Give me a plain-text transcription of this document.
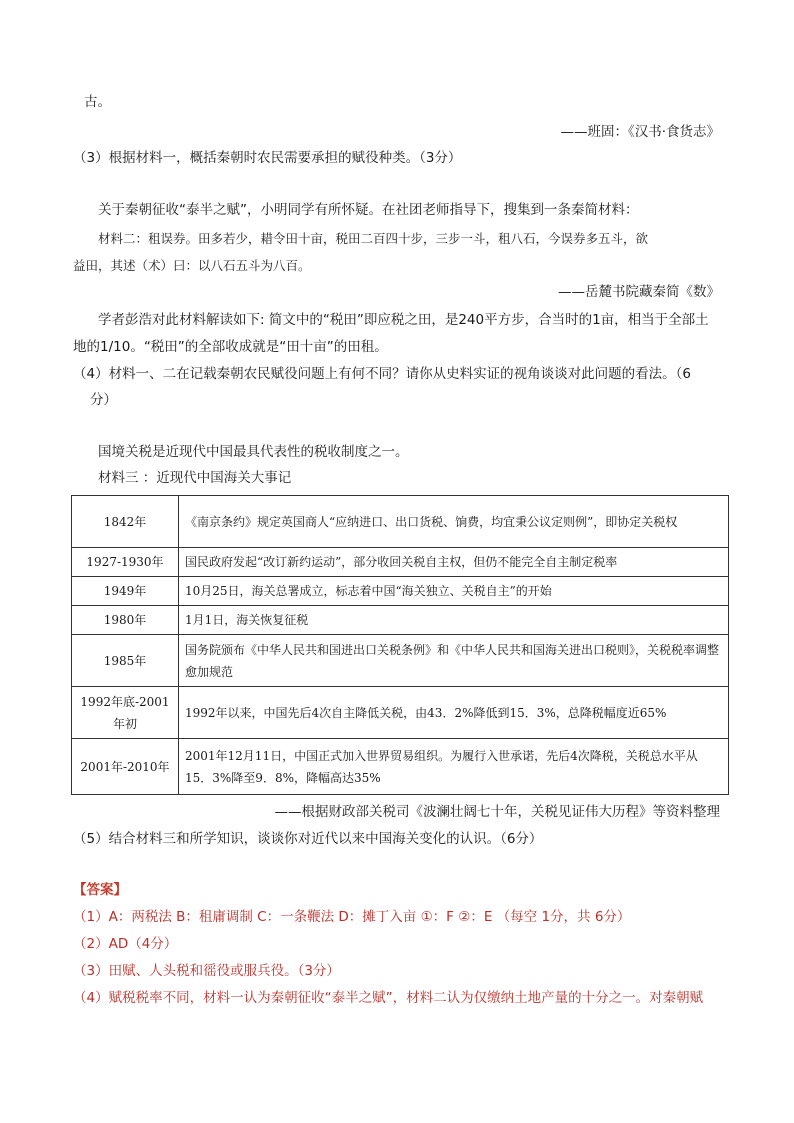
古。
——班固：《汉书·食货志》
（3）根据材料一，概括秦朝时农民需要承担的赋役种类。（3分）
关于秦朝征收“泰半之赋”，小明同学有所怀疑。在社团老师指导下，搜集到一条秦简材料：
材料二：租误券。田多若少，耤令田十亩，税田二百四十步，三步一斗，租八石，今误券多五斗，欲
益田，其述（术）曰：以八石五斗为八百。
——岳麓书院藏秦简《数》
学者彭浩对此材料解读如下: 简文中的“税田”即应税之田，是240平方步，合当时的1亩，相当于全部土
地的1/10。“税田”的全部收成就是“田十亩”的田租。
（4）材料一、二在记载秦朝农民赋役问题上有何不同？请你从史料实证的视角谈谈对此问题的看法。（6
分）
国境关税是近现代中国最具代表性的税收制度之一。
材料三 ：近现代中国海关大事记
1842年	《南京条约》规定英国商人“应纳进口、出口货税、饷费，均宜秉公议定则例”，即协定关税权
1927-1930年	国民政府发起“改订新约运动”，部分收回关税自主权，但仍不能完全自主制定税率
1949年	10月25日，海关总署成立，标志着中国“海关独立、关税自主”的开始
1980年	1月1日，海关恢复征税
1985年	国务院颁布《中华人民共和国进出口关税条例》和《中华人民共和国海关进出口税则》，关税税率调整愈加规范
1992年底-2001年初	1992年以来，中国先后4次自主降低关税，由43．2%降低到15．3%，总降税幅度近65%
2001年-2010年	2001年12月11日，中国正式加入世界贸易组织。为履行入世承诺，先后4次降税，关税总水平从15．3%降至9．8%，降幅高达35%
——根据财政部关税司《波澜壮阔七十年，关税见证伟大历程》等资料整理
（5）结合材料三和所学知识，谈谈你对近代以来中国海关变化的认识。（6分）
【答案】
（1）A：两税法 B：租庸调制 C：一条鞭法 D：摊丁入亩 ①：F ②：E （每空 1分，共 6分）
（2）AD（4分）
（3）田赋、人头税和徭役或服兵役。（3分）
（4）赋税税率不同，材料一认为秦朝征收“泰半之赋”，材料二认为仅缴纳土地产量的十分之一。对秦朝赋
